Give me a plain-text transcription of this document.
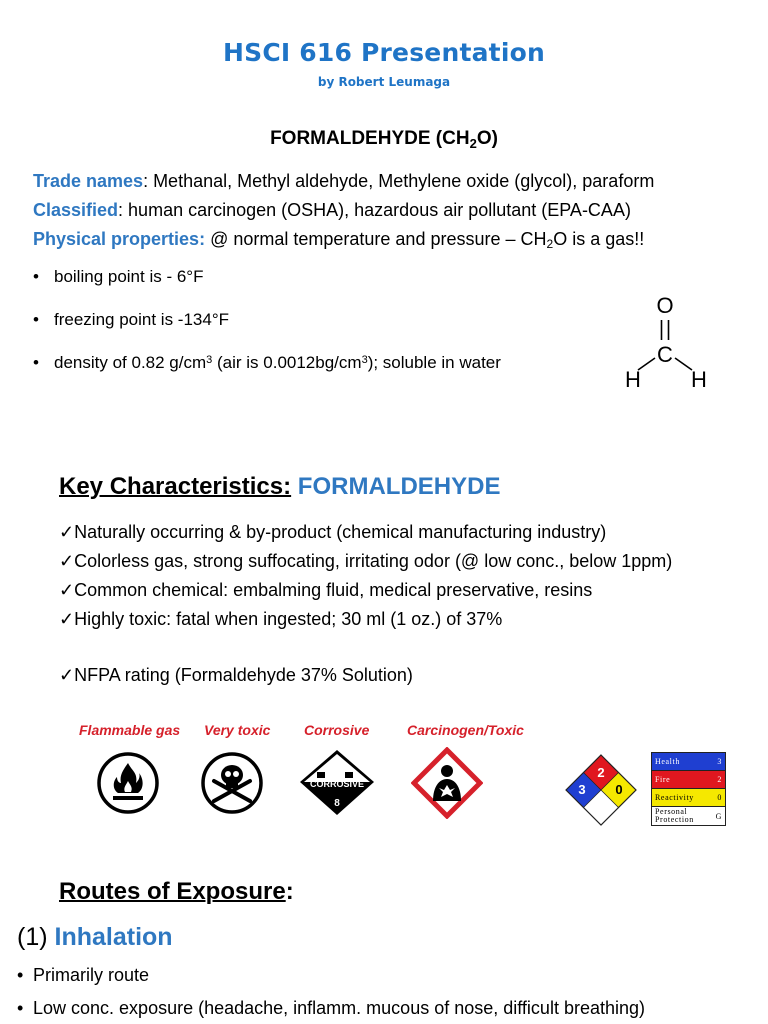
HSCI 616 Presentation
by Robert Leumaga
FORMALDEHYDE $(CH_2O)$
Trade names: Methanal, Methyl aldehyde, Methylene oxide (glycol), paraform
Classified: human carcinogen (OSHA), hazardous air pollutant (EPA-CAA)
Physical properties: @ normal temperature and pressure – $CH_2O$ is a gas!!
• boiling point is - 6°F
• freezing point is -134°F
• density of 0.82 $g/cm^3$ (air is $0.0012bg/cm^3$); soluble in water
O
C
H H
Key Characteristics: FORMALDEHYDE
✓Naturally occurring & by-product (chemical manufacturing industry)
✓Colorless gas, strong suffocating, irritating odor (@ low conc., below 1ppm)
✓Common chemical: embalming fluid, medical preservative, resins
✓Highly toxic: fatal when ingested; 30 ml (1 oz.) of 37%
✓NFPA rating (Formaldehyde 37% Solution)
Flammable gas Very toxic Corrosive	Carcinogen/Toxic
CORROSIVE
8
2
3 0
Health	3
Fire	2
Reactivity	0
Personal
Protection	G
Routes of Exposure:
(1) Inhalation
• Primarily route
• Low conc. exposure (headache, inflamm. mucous of nose, difficult breathing)
